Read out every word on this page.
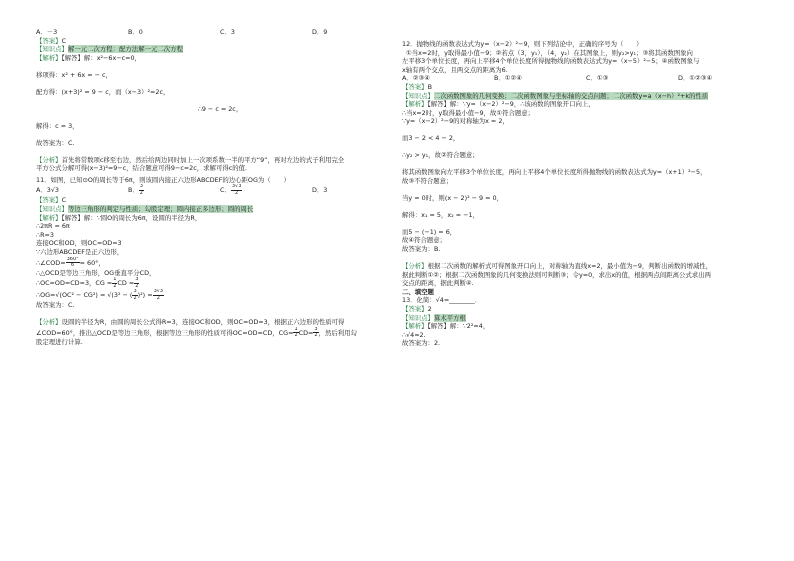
A．－3	B．0	C．3	D．9
【答案】C
【知识点】解一元二次方程：配方法解一元二次方程
【解析】【解答】解：x²−6x−c=0，
移项得：x² + 6x = − c，
配方得：(x+3)² = 9 − c，而（x−3）²=2c，
∴9 − c = 2c，
解得：c = 3，
故答案为：C.
【分析】首先将常数项c移至右边，然后给两边同时加上一次项系数一半的平方“9”，再对左边的式子利用完全
平方公式分解可得(x−3)²=9−c，结合题意可得9−c=2c，求解可得c的值.
11．如图，已知⊙O的周长等于6π，则该圆内接正六边形ABCDEF的边心距OG为（　　）
A．3√3	B． $\frac{3}{2}$	C． $\frac{3√3}{2}$	D．3
【答案】C
【知识点】等边三角形的判定与性质；勾股定理；圆内接正多边形；圆的周长
【解析】【解答】解：∵圆O的周长为6π，设圆的半径为R，
∴2πR = 6π
∴R=3
连接OC和OD，则OC=OD=3
∵六边形ABCDEF是正六边形，
∴∠COD= $\frac{360^\circ}{6} = 60^\circ$，
∴△OCD是等边三角形，OG垂直平分CD，
∴OC=OD=CD=3，CG = $\frac{1}{2}$ CD = $\frac{3}{2}$
∴OG=√(OC² − CG²) = √(3² − ( $\frac{3}{2} )^2) = \frac{3√3}{2}$
故答案为：C.
【分析】设圆的半径为R，由圆的周长公式得R=3，连接OC和OD，则OC=OD=3，根据正六边形的性质可得
∠COD=60°，推出△OCD是等边三角形，根据等边三角形的性质可得OC=OD=CD，$CG= \frac{1}{2} CD= \frac{3}{2}$ ，然后利用勾
股定理进行计算.
12．抛物线的函数表达式为y=（x−2）²−9，则下列结论中，正确的序号为（　　）
①当x=2时，y取得最小值−9；②若点（3，y₁），（4，y₂）在其图象上，则y₂>y₁；③将其函数图象向
左平移3个单位长度，再向上平移4个单位长度所得抛物线的函数表达式为y=（x−5）²−5；④函数图象与
x轴有两个交点，且两交点的距离为6.
A．②③④	B．①②④	C．①③	D．①②③④
【答案】B
【知识点】二次函数图象的几何变换；二次函数图象与坐标轴的交点问题；二次函数y=a（x−h）²+k的性质
【解析】【解答】解：∵y=（x−2）²−9，∴该函数的图象开口向上，
∴当x=2时，y取得最小值−9，故①符合题意；
∵y=（x−2）²−9的对称轴为x = 2，
而3 − 2 < 4 − 2，
∴y₂ > y₁，故②符合题意；
将其函数图象向左平移3个单位长度，再向上平移4个单位长度所得抛物线的函数表达式为y=（x+1）²−5，
故③不符合题意；
当y = 0时，则(x − 2)² − 9 = 0，
解得：x₁ = 5，x₂ = −1，
而5 − (−1) = 6，
故④符合题意；
故答案为：B.
【分析】根据二次函数的解析式可得图象开口向上，对称轴为直线x=2，最小值为−9，判断出函数的增减性，
据此判断①②；根据二次函数图象的几何变换法则可判断③；令y=0，求出x的值，根据两点间距离公式求出两
交点的距离，据此判断④.
二、填空题
13．化简：√4=________．
【答案】2
【知识点】算术平方根
【解析】【解答】解：∵2²=4，
∴√4=2.
故答案为：2.
